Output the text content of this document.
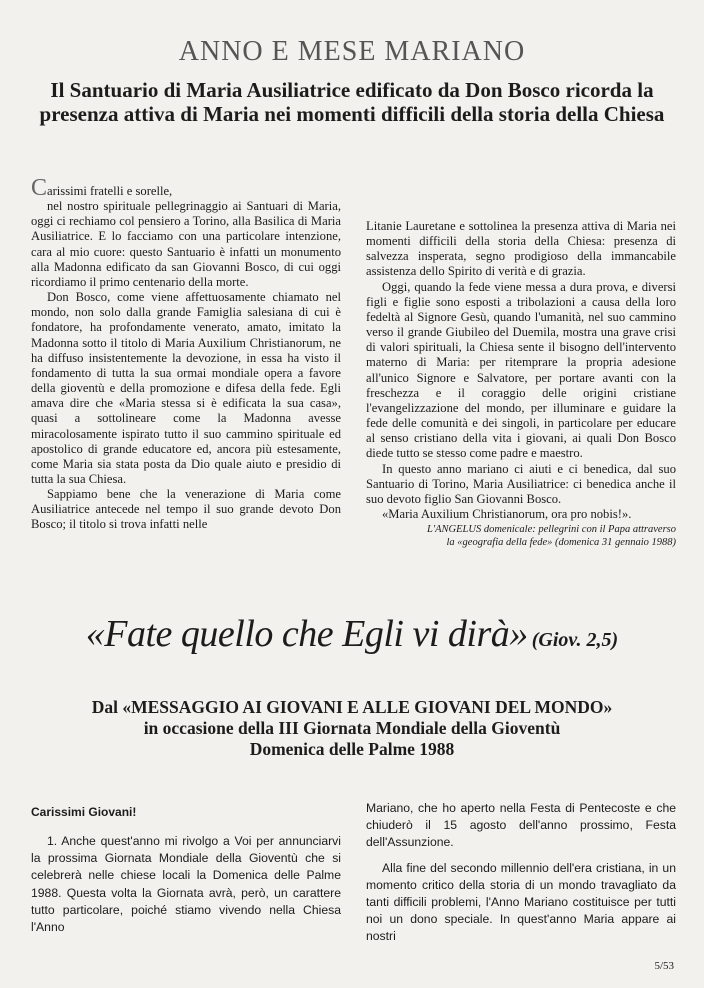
ANNO E MESE MARIANO
Il Santuario di Maria Ausiliatrice edificato da Don Bosco ricorda la presenza attiva di Maria nei momenti difficili della storia della Chiesa

Carissimi fratelli e sorelle,

nel nostro spirituale pellegrinaggio ai Santuari di Maria, oggi ci rechiamo col pensiero a Torino, alla Basilica di Maria Ausiliatrice. E lo facciamo con una particolare intenzione, cara al mio cuore: questo Santuario è infatti un monumento alla Madonna edificato da san Giovanni Bosco, di cui oggi ricordiamo il primo centenario della morte.

Don Bosco, come viene affettuosamente chiamato nel mondo, non solo dalla grande Famiglia salesiana di cui è fondatore, ha profondamente venerato, amato, imitato la Madonna sotto il titolo di Maria Auxilium Christianorum, ne ha diffuso insistentemente la devozione, in essa ha visto il fondamento di tutta la sua ormai mondiale opera a favore della gioventù e della promozione e difesa della fede. Egli amava dire che «Maria stessa si è edificata la sua casa», quasi a sottolineare come la Madonna avesse miracolosamente ispirato tutto il suo cammino spirituale ed apostolico di grande educatore ed, ancora più estesamente, come Maria sia stata posta da Dio quale aiuto e presidio di tutta la sua Chiesa.

Sappiamo bene che la venerazione di Maria come Ausiliatrice antecede nel tempo il suo grande devoto Don Bosco; il titolo si trova infatti nelle

Litanie Lauretane e sottolinea la presenza attiva di Maria nei momenti difficili della storia della Chiesa: presenza di salvezza insperata, segno prodigioso della immancabile assistenza dello Spirito di verità e di grazia.

Oggi, quando la fede viene messa a dura prova, e diversi figli e figlie sono esposti a tribolazioni a causa della loro fedeltà al Signore Gesù, quando l'umanità, nel suo cammino verso il grande Giubileo del Duemila, mostra una grave crisi di valori spirituali, la Chiesa sente il bisogno dell'intervento materno di Maria: per ritemprare la propria adesione all'unico Signore e Salvatore, per portare avanti con la freschezza e il coraggio delle origini cristiane l'evangelizzazione del mondo, per illuminare e guidare la fede delle comunità e dei singoli, in particolare per educare al senso cristiano della vita i giovani, ai quali Don Bosco diede tutto se stesso come padre e maestro.

In questo anno mariano ci aiuti e ci benedica, dal suo Santuario di Torino, Maria Ausiliatrice: ci benedica anche il suo devoto figlio San Giovanni Bosco.

«Maria Auxilium Christianorum, ora pro nobis!».

L'ANGELUS domenicale: pellegrini con il Papa attraverso

la «geografia della fede» (domenica 31 gennaio 1988)

«Fate quello che Egli vi dirà» (Giov. 2,5)
Dal «MESSAGGIO AI GIOVANI E ALLE GIOVANI DEL MONDO»
in occasione della III Giornata Mondiale della Gioventù
Domenica delle Palme 1988
Carissimi Giovani!

1. Anche quest'anno mi rivolgo a Voi per annunciarvi la prossima Giornata Mondiale della Gioventù che si celebrerà nelle chiese locali la Domenica delle Palme 1988. Questa volta la Giornata avrà, però, un carattere tutto particolare, poiché stiamo vivendo nella Chiesa l'Anno

Mariano, che ho aperto nella Festa di Pentecoste e che chiuderò il 15 agosto dell'anno prossimo, Festa dell'Assunzione.

Alla fine del secondo millennio dell'era cristiana, in un momento critico della storia di un mondo travagliato da tanti difficili problemi, l'Anno Mariano costituisce per tutti noi un dono speciale. In quest'anno Maria appare ai nostri

5/53
